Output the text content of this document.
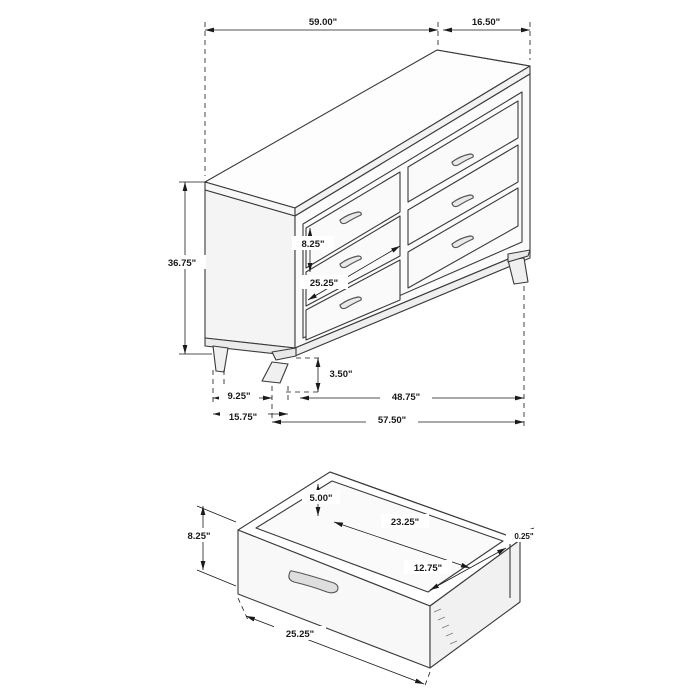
59.00"	16.50"
36.75"
8.25"
25.25"
3.50"
9.25"
15.75"
48.75"
57.50"
5.00"
23.25"
8.25"	0.25"
12.75"
25.25"
